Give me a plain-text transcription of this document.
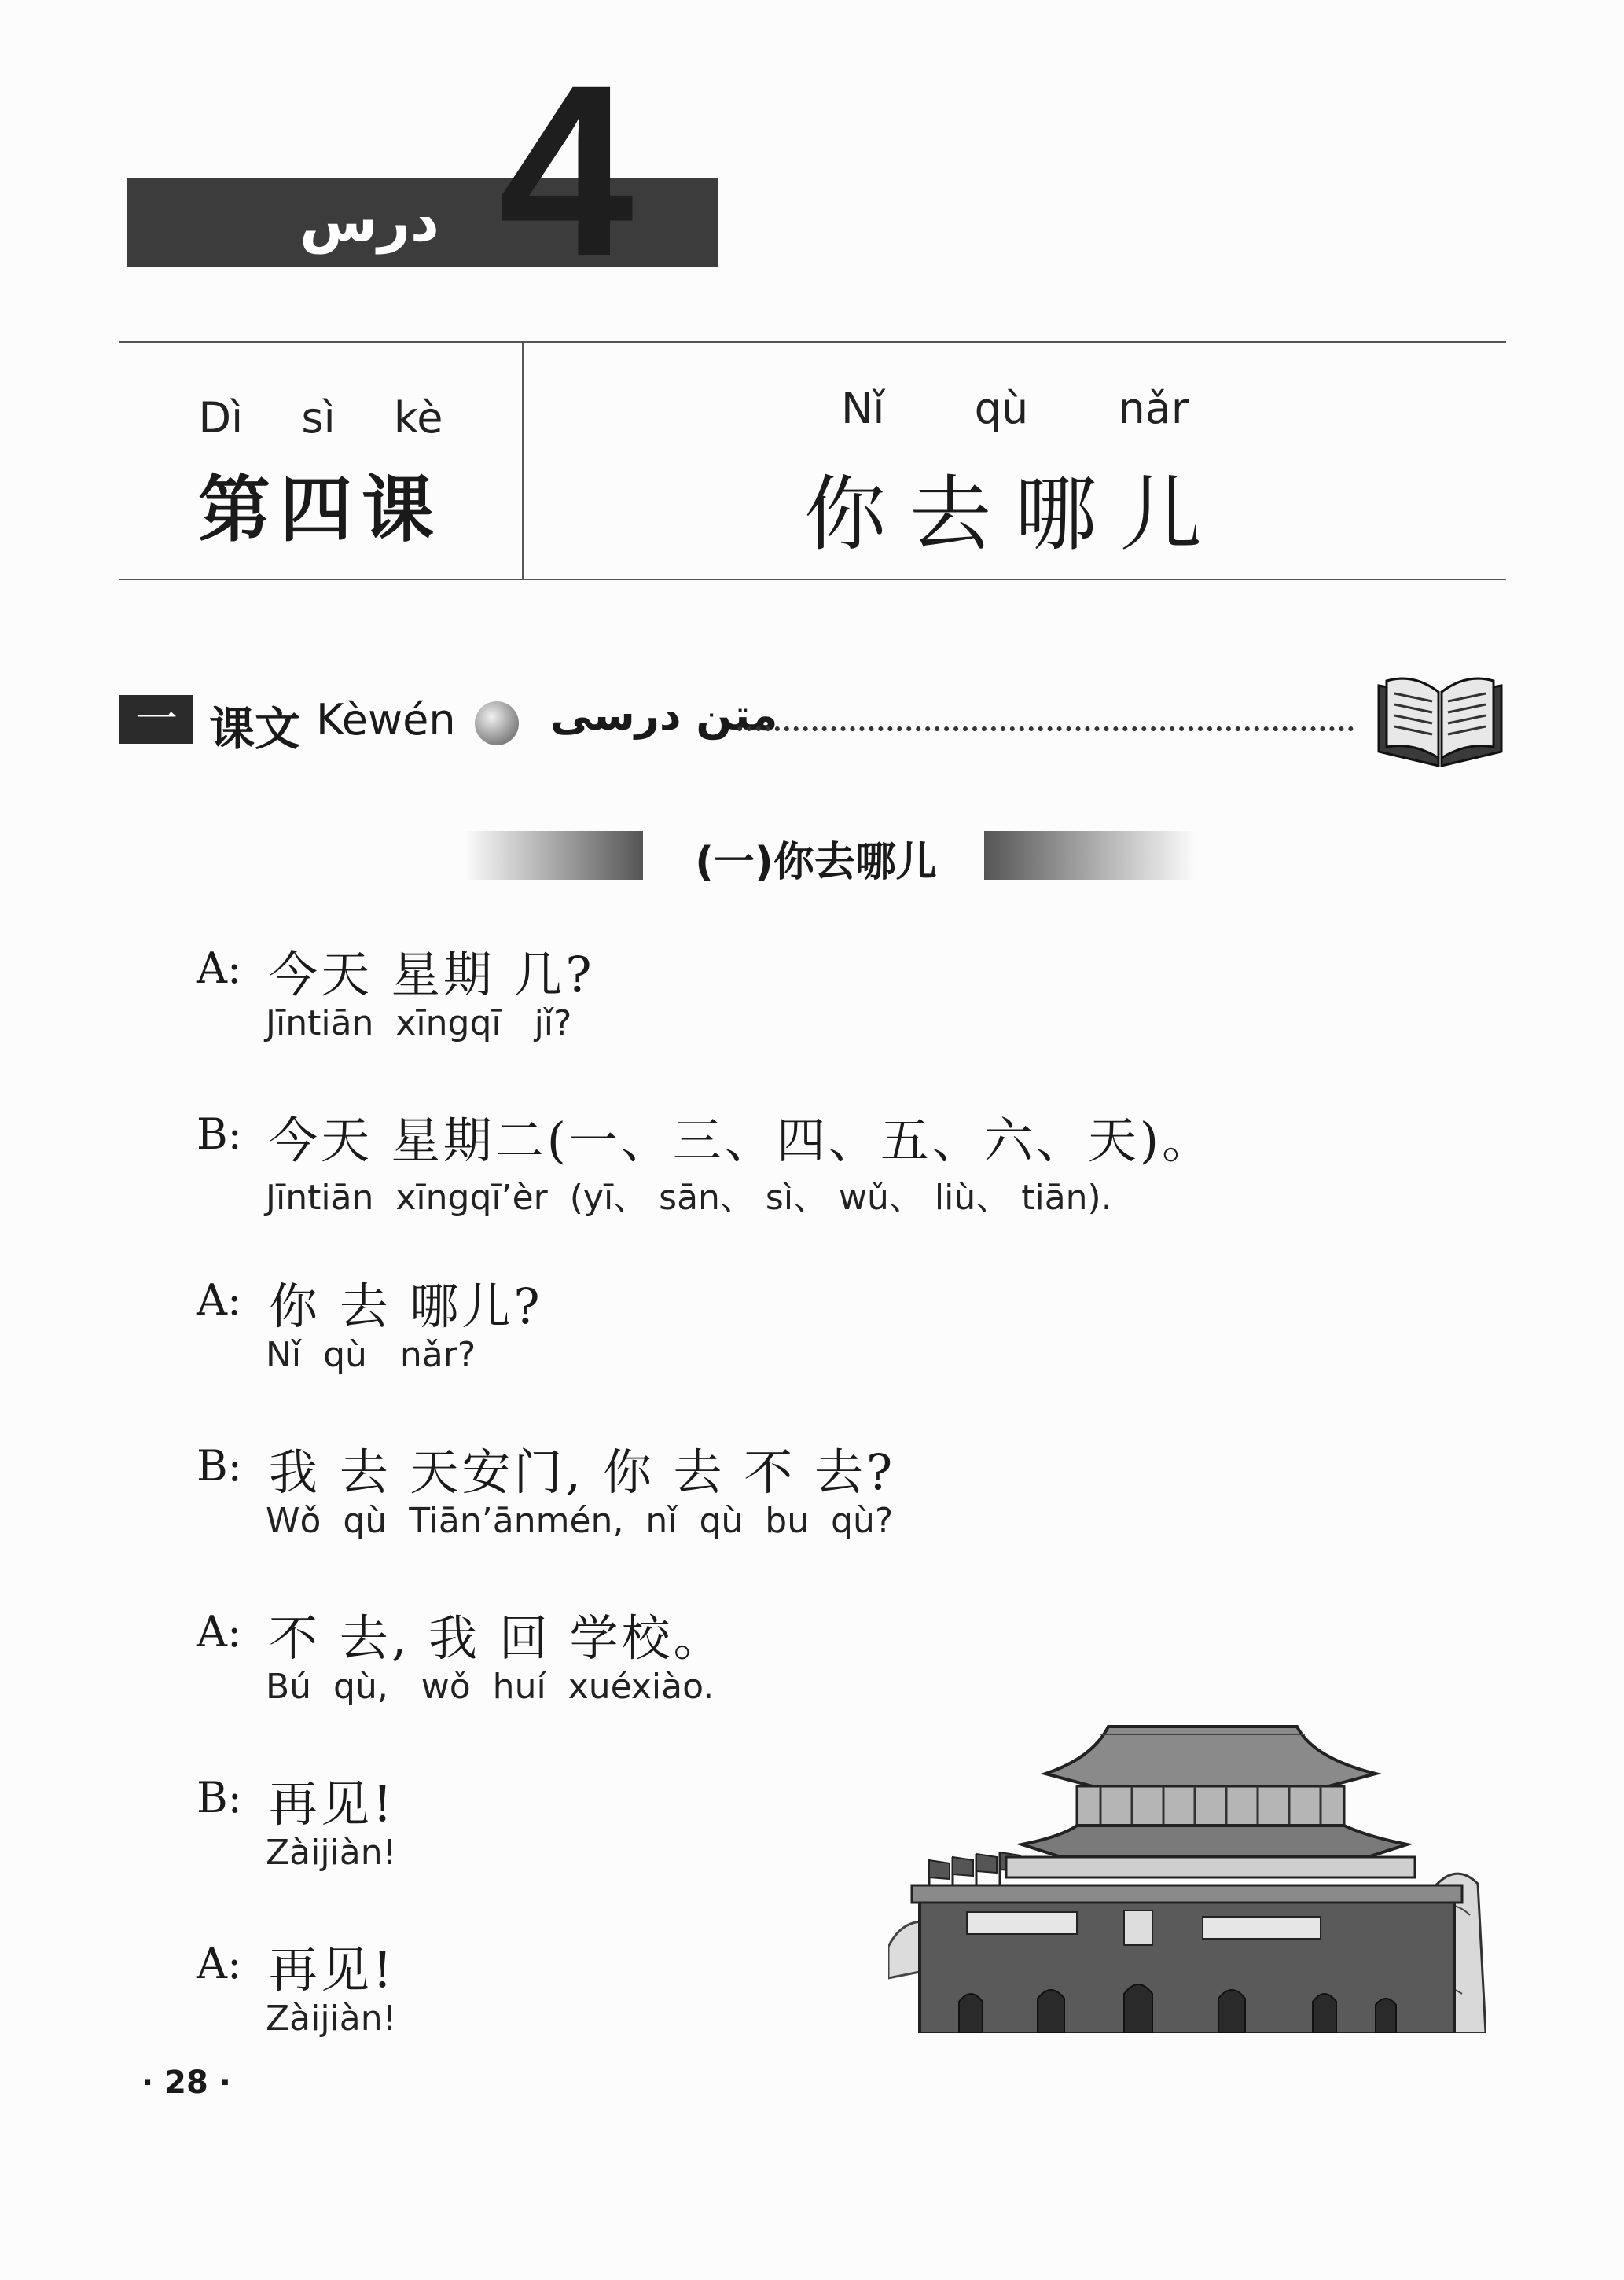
درس 4
Dì  sì  kè
第四课
Nǐ  qù  nǎr
你去哪儿
一 课文 Kèwén متن درسی
(一)你去哪儿
A: 今天 星期 几?
Jīntiān  xīngqī   jǐ?
B: 今天 星期二(一、三、四、五、六、天)。
Jīntiān  xīngqī’èr  (yī、 sān、 sì、 wǔ、 liù、 tiān).
A: 你 去 哪儿?
Nǐ  qù   nǎr?
B: 我 去 天安门, 你 去 不 去?
Wǒ  qù  Tiān’ānmén,  nǐ  qù  bu  qù?
A: 不 去, 我 回 学校。
Bú  qù,   wǒ  huí  xuéxiào.
B: 再见!
Zàijiàn!
A: 再见!
Zàijiàn!
· 28 ·
